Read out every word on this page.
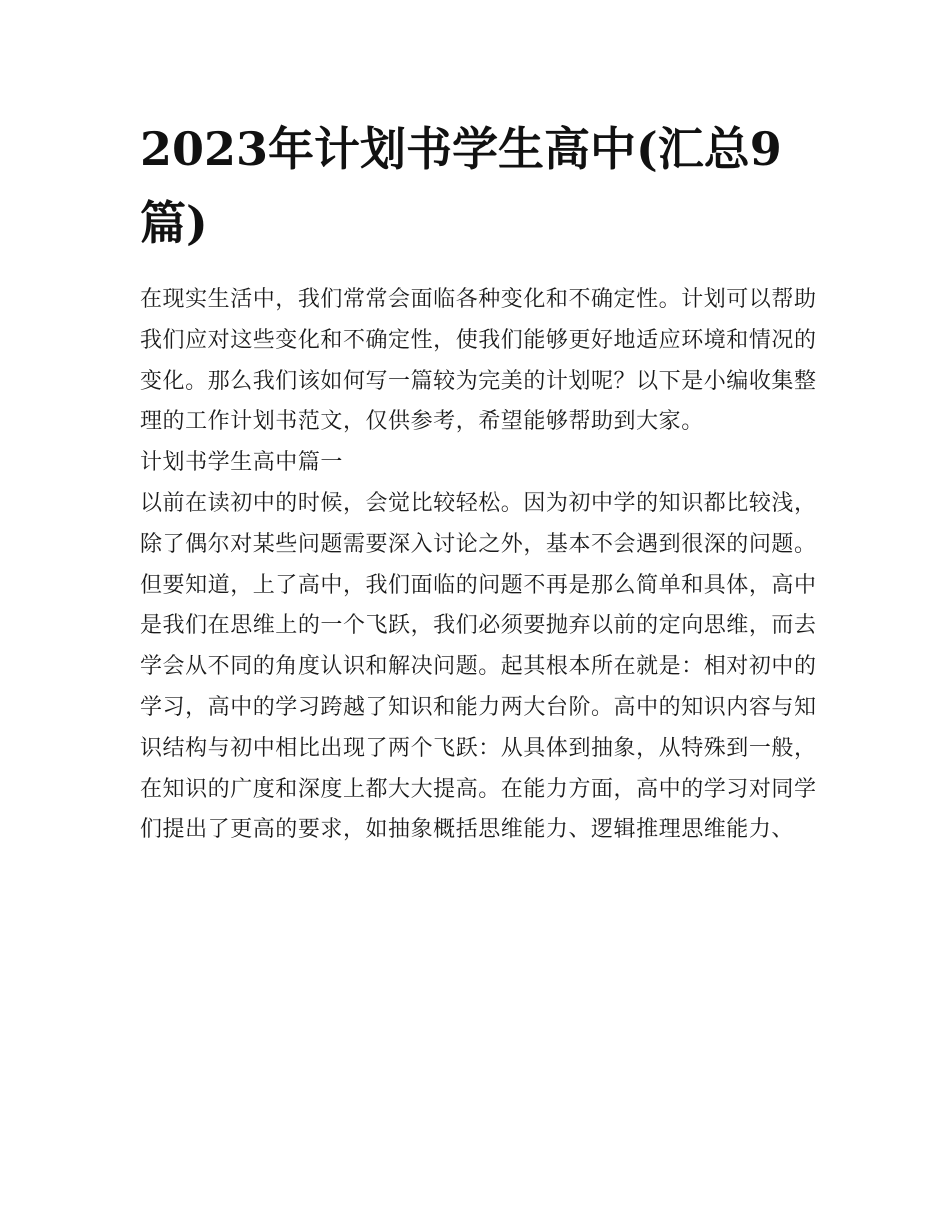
2023年计划书学生高中(汇总9篇)

在现实生活中，我们常常会面临各种变化和不确定性。计划可以帮助我们应对这些变化和不确定性，使我们能够更好地适应环境和情况的变化。那么我们该如何写一篇较为完美的计划呢？以下是小编收集整理的工作计划书范文，仅供参考，希望能够帮助到大家。

计划书学生高中篇一

以前在读初中的时候，会觉比较轻松。因为初中学的知识都比较浅，除了偶尔对某些问题需要深入讨论之外，基本不会遇到很深的问题。但要知道，上了高中，我们面临的问题不再是那么简单和具体，高中是我们在思维上的一个飞跃，我们必须要抛弃以前的定向思维，而去学会从不同的角度认识和解决问题。起其根本所在就是：相对初中的学习，高中的学习跨越了知识和能力两大台阶。高中的知识内容与知识结构与初中相比出现了两个飞跃：从具体到抽象，从特殊到一般，在知识的广度和深度上都大大提高。在能力方面，高中的学习对同学们提出了更高的要求，如抽象概括思维能力、逻辑推理思维能力、
